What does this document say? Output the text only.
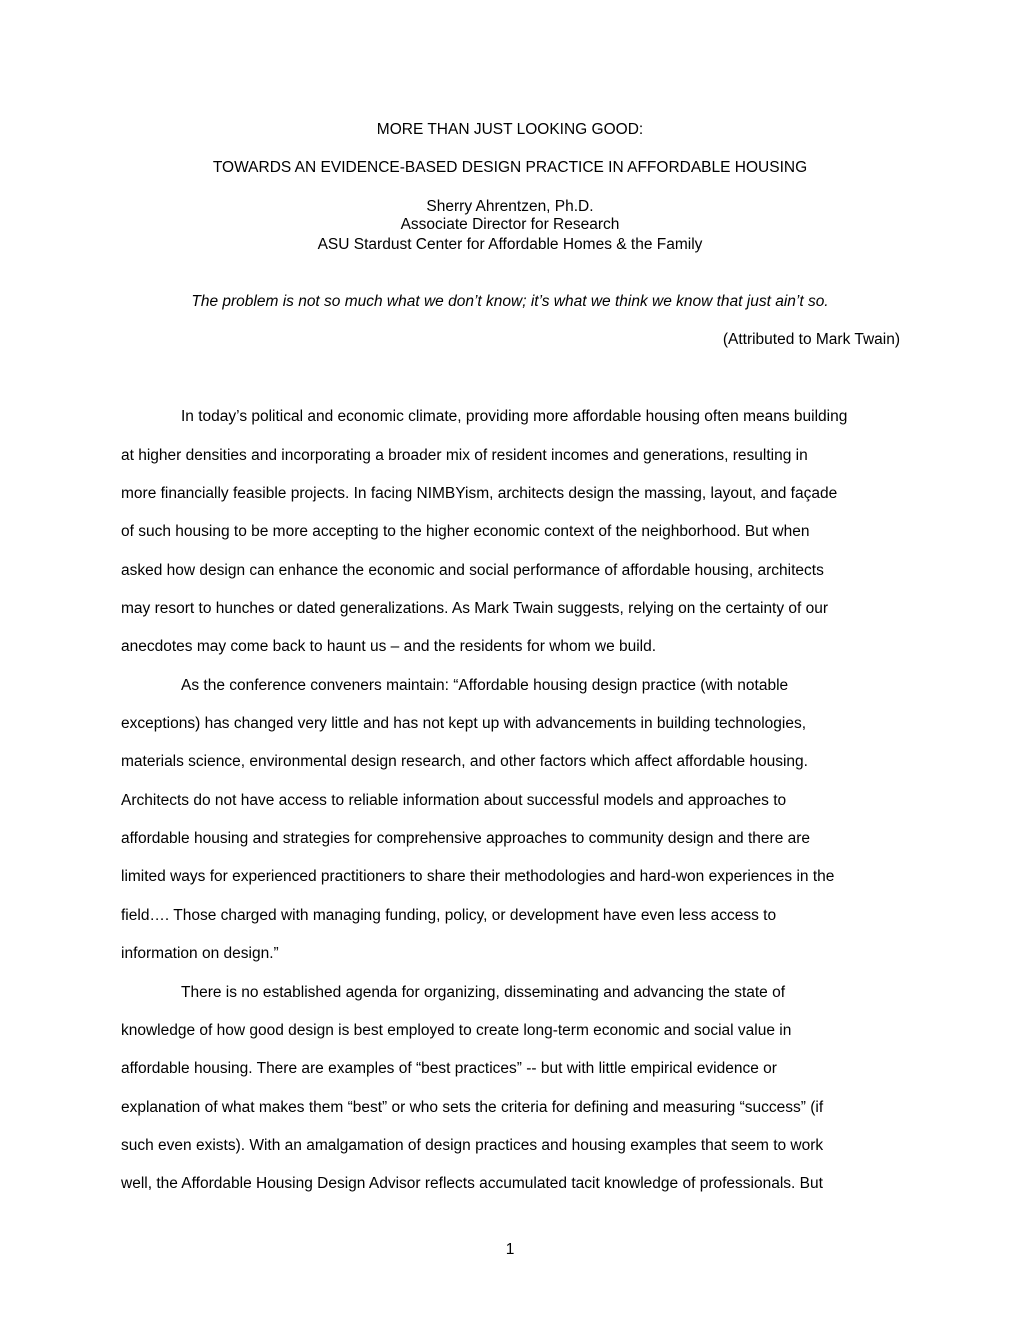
MORE THAN JUST LOOKING GOOD:
TOWARDS AN EVIDENCE-BASED DESIGN PRACTICE IN AFFORDABLE HOUSING
Sherry Ahrentzen, Ph.D.
Associate Director for Research
ASU Stardust Center for Affordable Homes & the Family
The problem is not so much what we don’t know; it’s what we think we know that just ain’t so.
(Attributed to Mark Twain)
In today’s political and economic climate, providing more affordable housing often means building
at higher densities and incorporating a broader mix of resident incomes and generations, resulting in
more financially feasible projects. In facing NIMBYism, architects design the massing, layout, and façade
of such housing to be more accepting to the higher economic context of the neighborhood. But when
asked how design can enhance the economic and social performance of affordable housing, architects
may resort to hunches or dated generalizations. As Mark Twain suggests, relying on the certainty of our
anecdotes may come back to haunt us – and the residents for whom we build.
As the conference conveners maintain: “Affordable housing design practice (with notable
exceptions) has changed very little and has not kept up with advancements in building technologies,
materials science, environmental design research, and other factors which affect affordable housing.
Architects do not have access to reliable information about successful models and approaches to
affordable housing and strategies for comprehensive approaches to community design and there are
limited ways for experienced practitioners to share their methodologies and hard-won experiences in the
field…. Those charged with managing funding, policy, or development have even less access to
information on design.”
There is no established agenda for organizing, disseminating and advancing the state of
knowledge of how good design is best employed to create long-term economic and social value in
affordable housing. There are examples of “best practices” -- but with little empirical evidence or
explanation of what makes them “best” or who sets the criteria for defining and measuring “success” (if
such even exists). With an amalgamation of design practices and housing examples that seem to work
well, the Affordable Housing Design Advisor reflects accumulated tacit knowledge of professionals. But
1
